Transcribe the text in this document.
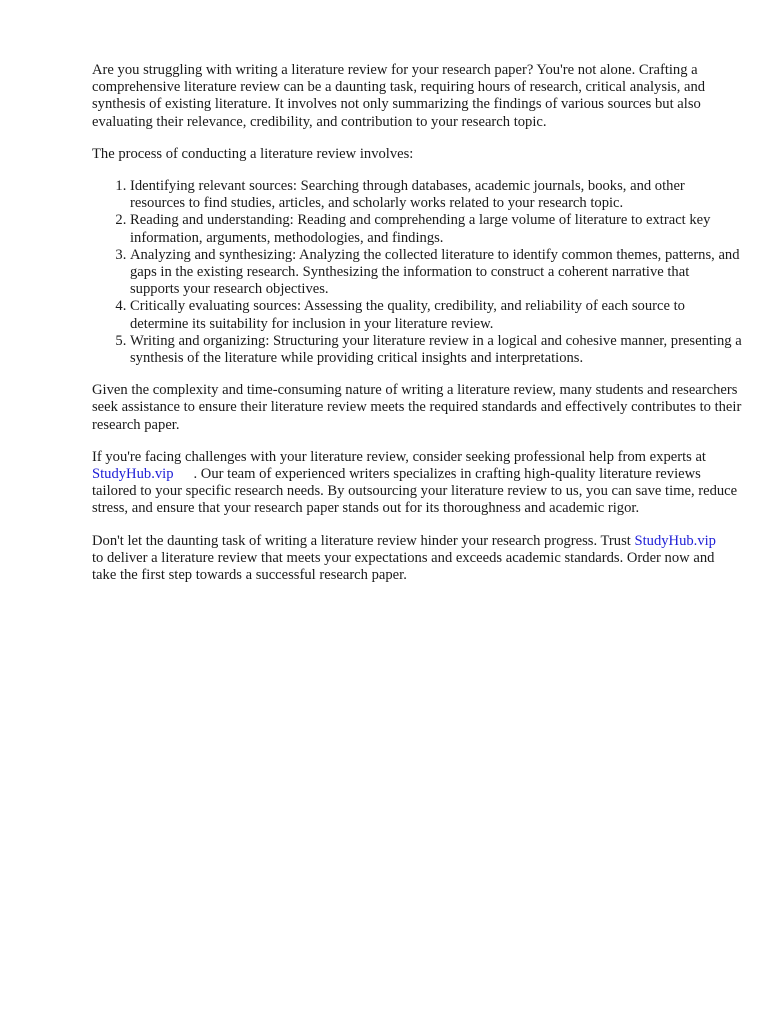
Are you struggling with writing a literature review for your research paper? You're not alone. Crafting a comprehensive literature review can be a daunting task, requiring hours of research, critical analysis, and synthesis of existing literature. It involves not only summarizing the findings of various sources but also evaluating their relevance, credibility, and contribution to your research topic.

The process of conducting a literature review involves:

1. Identifying relevant sources: Searching through databases, academic journals, books, and other resources to find studies, articles, and scholarly works related to your research topic.
2. Reading and understanding: Reading and comprehending a large volume of literature to extract key information, arguments, methodologies, and findings.
3. Analyzing and synthesizing: Analyzing the collected literature to identify common themes, patterns, and gaps in the existing research. Synthesizing the information to construct a coherent narrative that supports your research objectives.
4. Critically evaluating sources: Assessing the quality, credibility, and reliability of each source to determine its suitability for inclusion in your literature review.
5. Writing and organizing: Structuring your literature review in a logical and cohesive manner, presenting a synthesis of the literature while providing critical insights and interpretations.

Given the complexity and time-consuming nature of writing a literature review, many students and researchers seek assistance to ensure their literature review meets the required standards and effectively contributes to their research paper.

If you're facing challenges with your literature review, consider seeking professional help from experts atStudyHub.vip . Our team of experienced writers specializes in crafting high-quality literature reviews tailored to your specific research needs. By outsourcing your literature review to us, you can save time, reduce stress, and ensure that your research paper stands out for its thoroughness and academic rigor.

Don't let the daunting task of writing a literature review hinder your research progress. Trust StudyHub.vipto deliver a literature review that meets your expectations and exceeds academic standards. Order now and take the first step towards a successful research paper.
